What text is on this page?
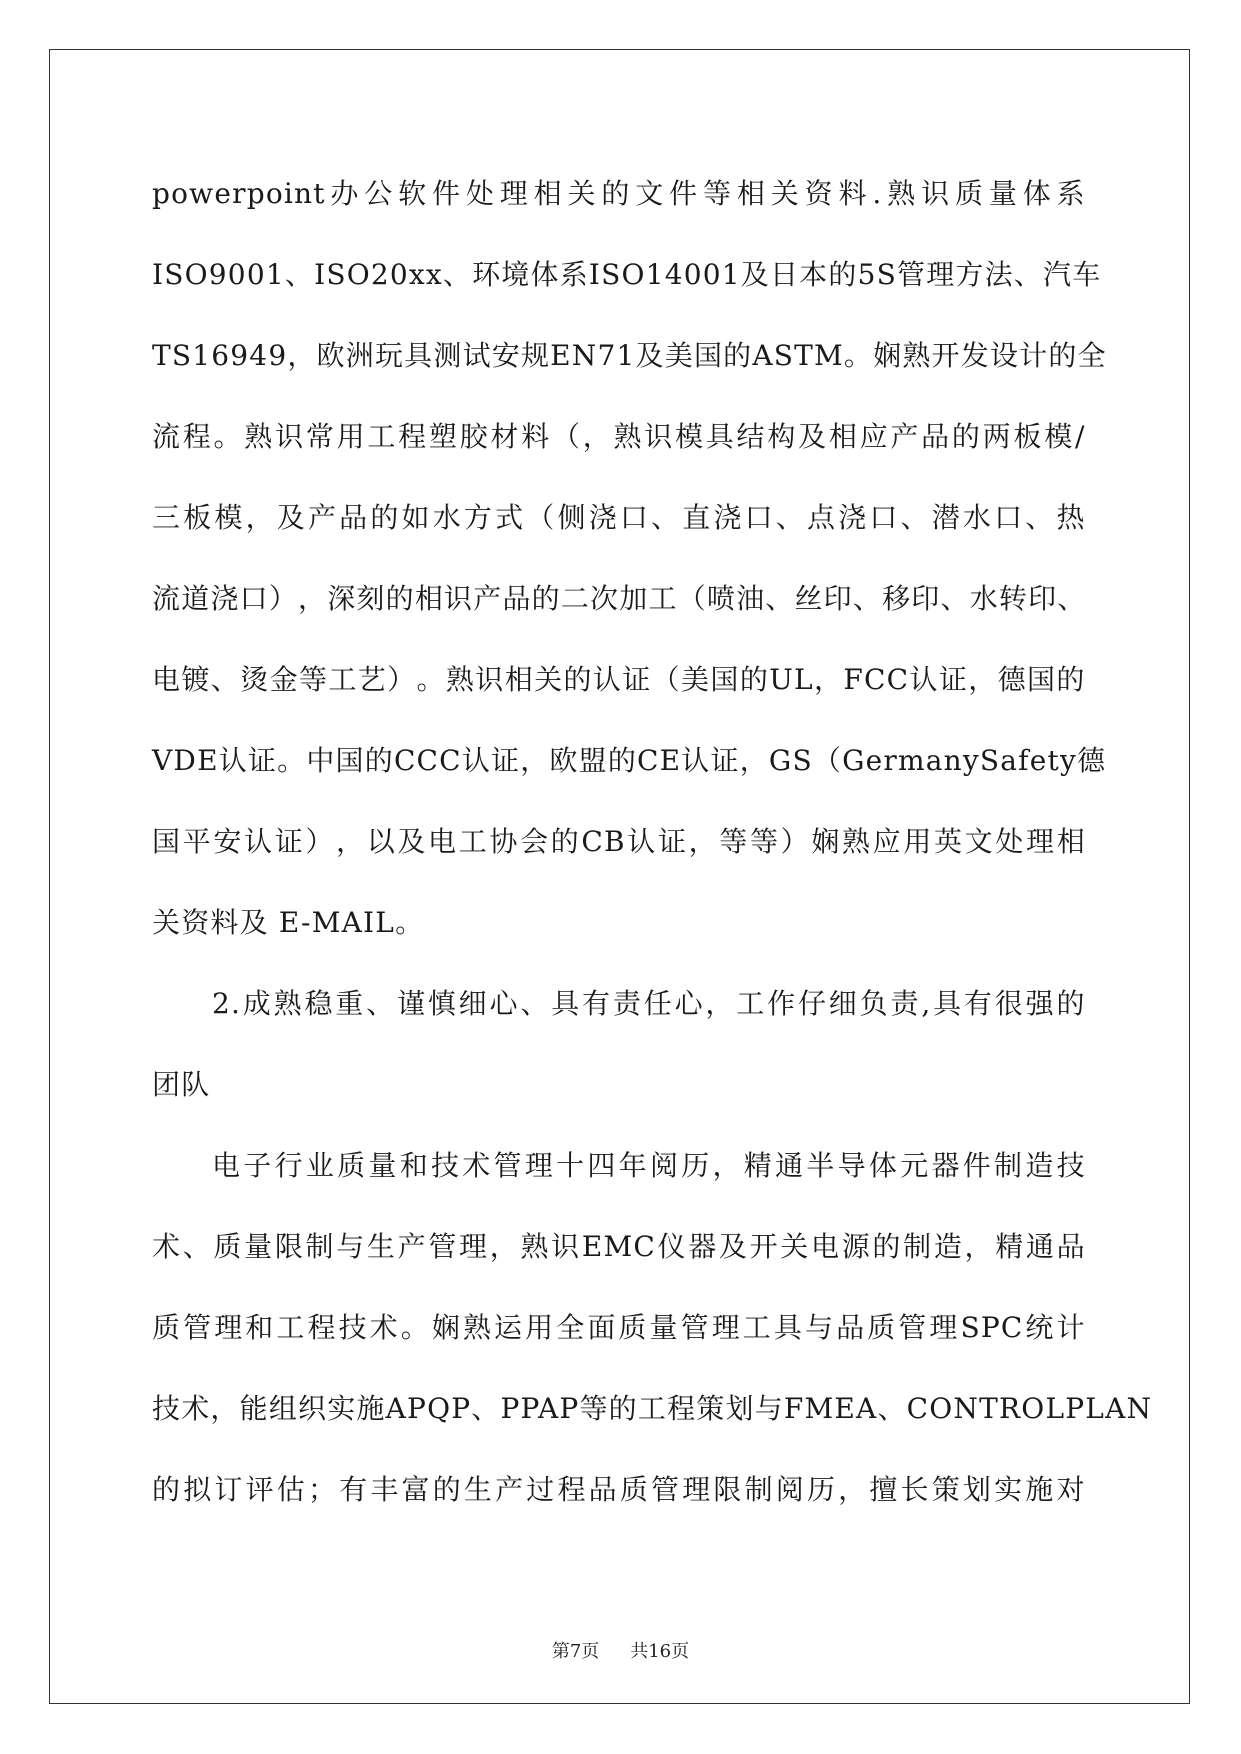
powerpoint 办 公 软 件 处 理 相 关 的 文 件 等 相 关 资 料 . 熟 识 质 量 体 系
ISO9001 、 ISO20xx 、 环 境 体 系 ISO14001 及 日 本 的 5S 管 理 方 法 、 汽 车
TS16949 ， 欧 洲 玩 具 测 试 安 规 EN71 及 美 国 的 ASTM 。 娴 熟 开 发 设 计 的 全
流 程 。 熟 识 常 用 工 程 塑 胶 材 料 （ ， 熟 识 模 具 结 构 及 相 应 产 品 的 两 板 模 /
三 板 模 ， 及 产 品 的 如 水 方 式 （ 侧 浇 口 、 直 浇 口 、 点 浇 口 、 潜 水 口 、 热
流 道 浇 口 ） ， 深 刻 的 相 识 产 品 的 二 次 加 工 （ 喷 油 、 丝 印 、 移 印 、 水 转 印 、
电 镀 、 烫 金 等 工 艺 ） 。 熟 识 相 关 的 认 证 （ 美 国 的 UL ， FCC 认 证 ， 德 国 的
VDE 认 证 。 中 国 的 CCC 认 证 ， 欧 盟 的 CE 认 证 ， GS （ Germany Safety 德
国 平 安 认 证 ） ， 以 及 电 工 协 会 的 CB 认 证 ， 等 等 ） 娴 熟 应 用 英 文 处 理 相
关资料及 E-MAIL。
2. 成 熟 稳 重 、 谨 慎 细 心 、 具 有 责 任 心 ， 工 作 仔 细 负 责 , 具 有 很 强 的
团队
电 子 行 业 质 量 和 技 术 管 理 十 四 年 阅 历 ， 精 通 半 导 体 元 器 件 制 造 技
术 、 质 量 限 制 与 生 产 管 理 ， 熟 识 EMC 仪 器 及 开 关 电 源 的 制 造 ， 精 通 品
质 管 理 和 工 程 技 术 。 娴 熟 运 用 全 面 质 量 管 理 工 具 与 品 质 管 理 SPC 统 计
技 术 ， 能 组 织 实 施 APQP 、 PPAP 等 的 工 程 策 划 与 FMEA 、 CONTROL PLAN
的 拟 订 评 估 ； 有 丰 富 的 生 产 过 程 品 质 管 理 限 制 阅 历 ， 擅 长 策 划 实 施 对
第7页 共16页
